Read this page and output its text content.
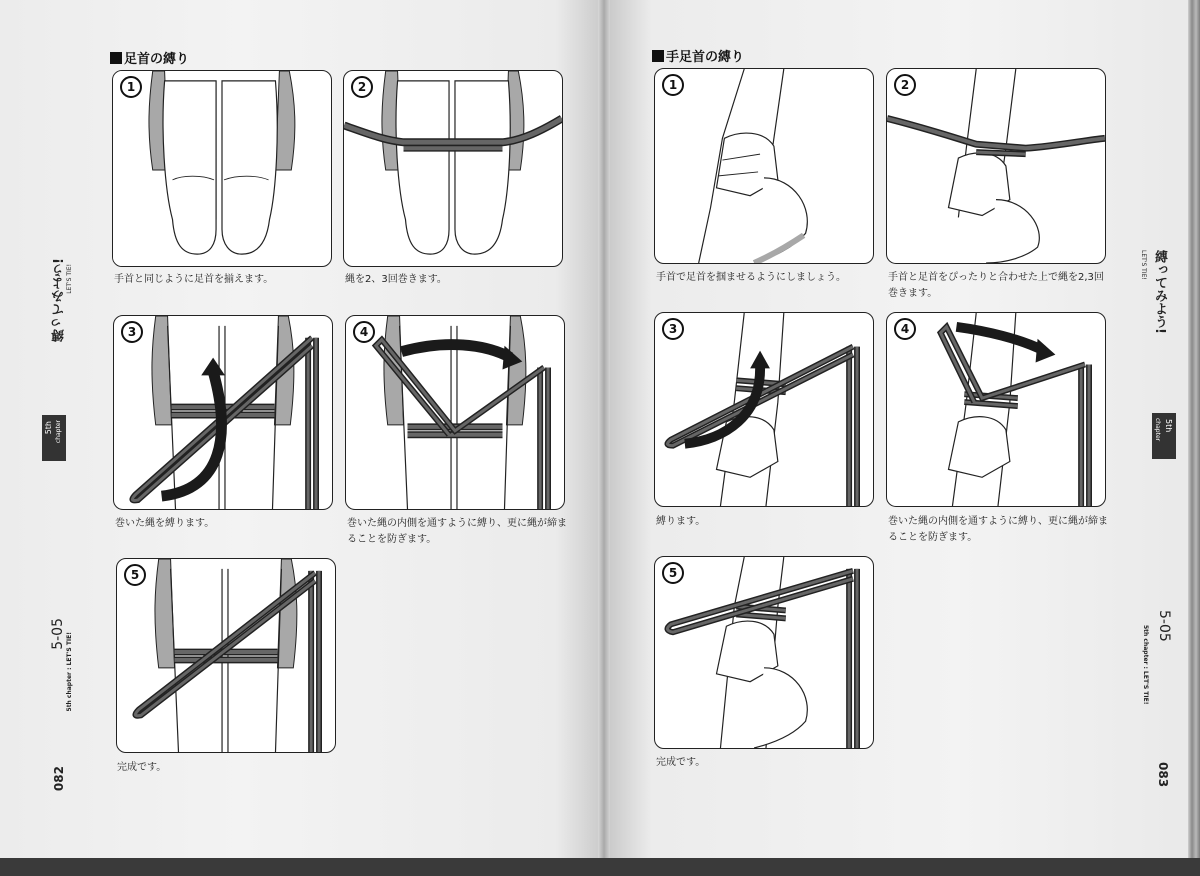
足首の縛り
1
手首と同じように足首を揃えます。
2
縄を2、3回巻きます。
3
巻いた縄を縛ります。
4
巻いた縄の内側を通すように縛り、更に縄が締まることを防ぎます。
5
完成です。
縛ってみよう! LET'S TIE!
5th chapter
5-05 5th chapter : LET'S TIE!
082
手足首の縛り
1
手首で足首を掴ませるようにしましょう。
2
手首と足首をぴったりと合わせた上で縄を2,3回巻きます。
3
縛ります。
4
巻いた縄の内側を通すように縛り、更に縄が締まることを防ぎます。
5
完成です。
縛ってみよう!
LET'S TIE!
5th
chapter
5-05
5th chapter : LET'S TIE!
083
